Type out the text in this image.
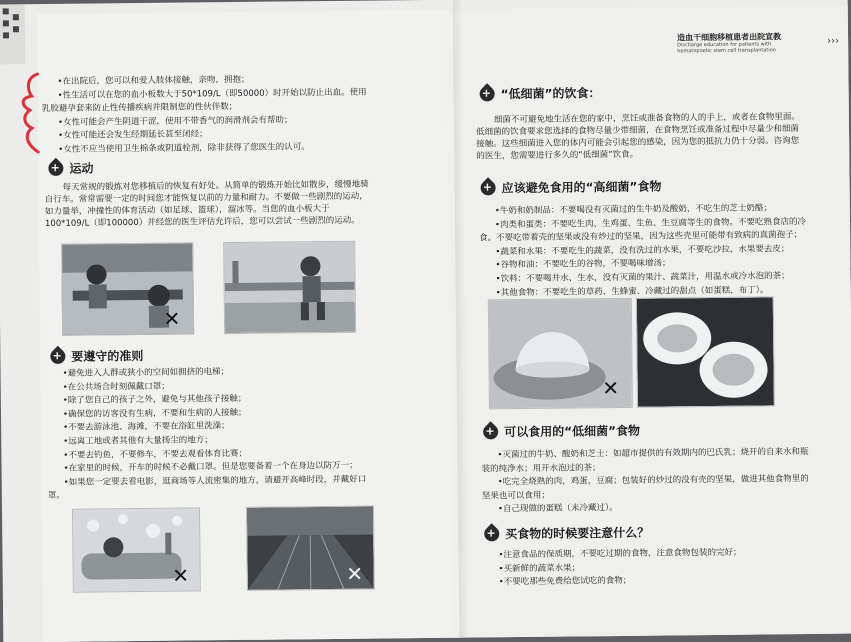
造血干细胞移植患者出院宣教
Discharge education for patients with
hematopoetic stem cell transplantation
›››
•在出院后，您可以和爱人肢体接触，亲吻，拥抱；
•性生活可以在您的血小板数大于50*109/L（即50000）时开始以防止出血。使用
乳胶避孕套来防止性传播疾病并限制您的性伙伴数；
•女性可能会产生阴道干涩，使用不带香气的润滑剂会有帮助；
•女性可能还会发生经期延长甚至闭经；
•女性不应当使用卫生棉条或阴道栓剂，除非获得了您医生的认可。
+
运动
每天常规的锻炼对您移植后的恢复有好处。从简单的锻炼开始比如散步，缓慢地骑
自行车。常常需要一定的时间您才能恢复以前的力量和耐力。不要做一些剧烈的运动，
如力量举，冲撞性的体育活动（如足球、篮球），溜冰等。当您的血小板大于
100*109/L（即100000）并经您的医生评估允许后，您可以尝试一些剧烈的运动。
✕
+
要遵守的准则
•避免进入人群或狭小的空间如拥挤的电梯；
•在公共场合时刻佩戴口罩；
•除了您自己的孩子之外，避免与其他孩子接触；
•确保您的访客没有生病，不要和生病的人接触；
•不要去游泳池、海滩，不要在浴缸里洗澡；
•远离工地或者其他有大量扬尘的地方；
•不要去钓鱼，不要修车，不要去观看体育比赛；
•在家里的时候，开车的时候不必戴口罩。但是您要备着一个在身边以防万一；
•如果您一定要去看电影，逛商场等人流密集的地方，请避开高峰时段，并戴好口
罩。
✕	✕
+
“低细菌”的饮食：
细菌不可避免地生活在您的家中，烹饪或准备食物的人的手上，或者在食物里面。
低细菌的饮食要求您选择的食物尽量少带细菌，在食物烹饪或准备过程中尽量少和细菌
接触。这些细菌进入您的体内可能会引起您的感染，因为您的抵抗力仍十分弱。咨询您
的医生，您需要进行多久的“低细菌”饮食。
+
应该避免食用的“高细菌”食物
•牛奶和奶制品：不要喝没有灭菌过的生牛奶及酸奶，不吃生的芝士奶酪；
•肉类和蛋类：不要吃生肉、生鸡蛋、生鱼、生豆腐等生的食物。不要吃熟食店的冷
食。不要吃带着壳的坚果或没有炒过的坚果，因为这些壳里可能带有致病的真菌孢子；
•蔬菜和水果：不要吃生的蔬菜，没有洗过的水果，不要吃沙拉，水果要去皮；
•谷物和油：不要吃生的谷物，不要喝味增汤；
•饮料：不要喝井水、生水，没有灭菌的果汁、蔬菜汁，用温水或冷水泡的茶；
•其他食物：不要吃生的草药、生蜂蜜、冷藏过的甜点（如蛋糕，布丁）。
✕
+
可以食用的“低细菌”食物
•灭菌过的牛奶、酸奶和芝士：如超市提供的有效期内的巴氏乳；烧开的自来水和瓶
装的纯净水；用开水泡过的茶；
•吃完全烧熟的肉，鸡蛋，豆腐；包装好的炒过的没有壳的坚果，做进其他食物里的
坚果也可以食用；
•自己现做的蛋糕（未冷藏过）。
+
买食物的时候要注意什么？
•注意食品的保质期，不要吃过期的食物，注意食物包装的完好；
•买新鲜的蔬菜水果；
•不要吃那些免费给您试吃的食物；
